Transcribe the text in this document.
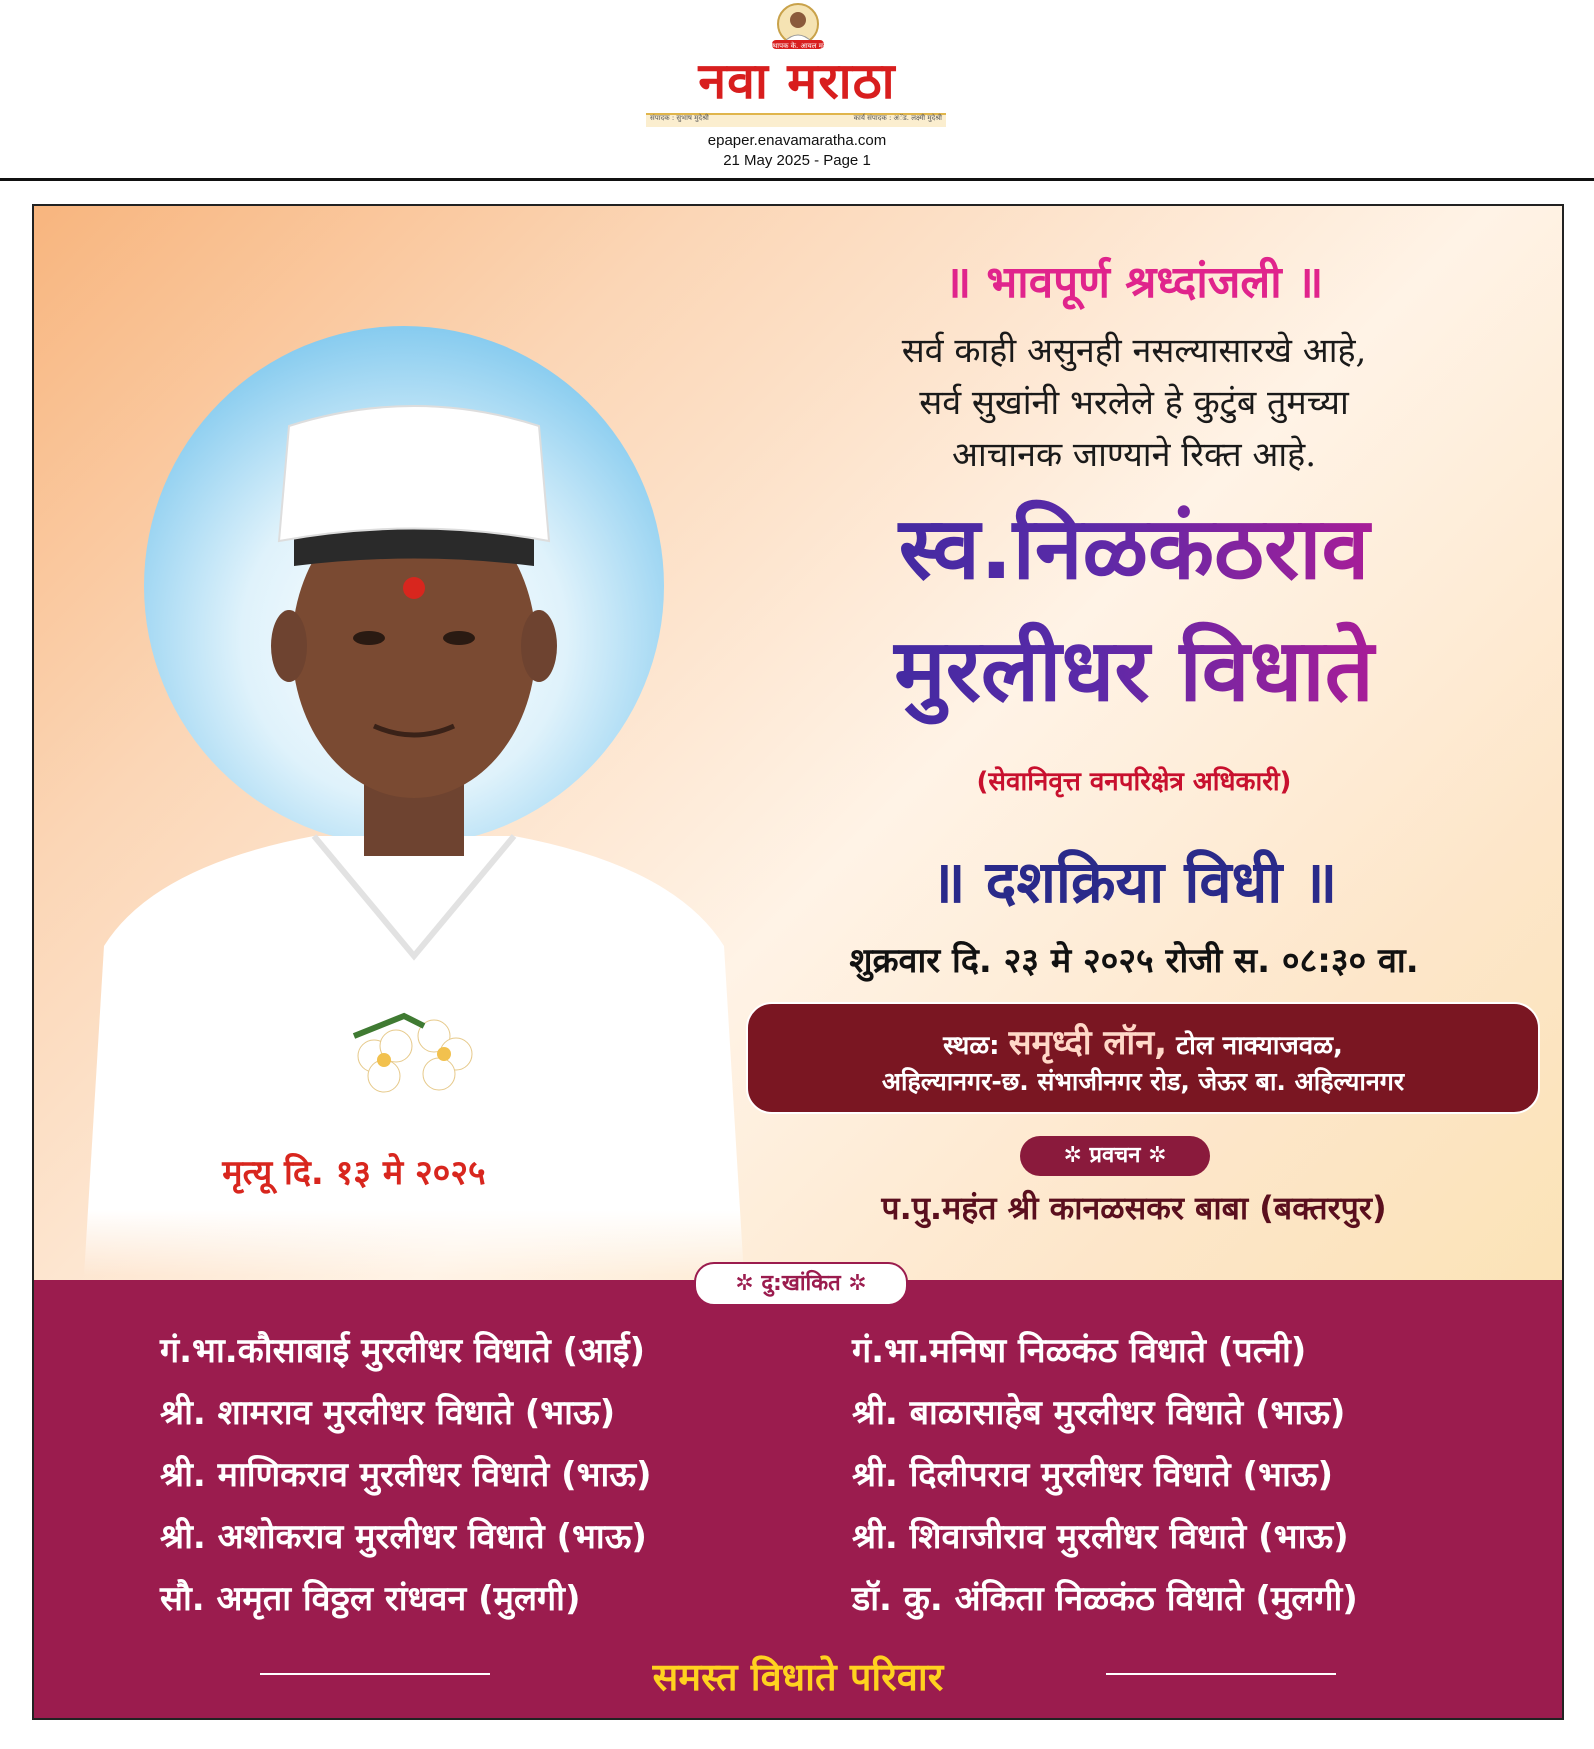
नवा मराठा
संपादक : सुभाष मुदेश्री	कार्य संपादक : अॅड. लक्ष्मी मुदेश्री
संस्थापक के. आयल मुरेश
epaper.enavamaratha.com
21 May 2025 - Page 1
॥ भावपूर्ण श्रध्दांजली ॥
सर्व काही असुनही नसल्यासारखे आहे,
सर्व सुखांनी भरलेले हे कुटुंब तुमच्या
आचानक जाण्याने रिक्त आहे.
स्व.निळकंठराव
मुरलीधर विधाते
(सेवानिवृत्त वनपरिक्षेत्र अधिकारी)
॥ दशक्रिया विधी ॥
शुक्रवार दि. २३ मे २०२५ रोजी स. ०८:३० वा.
स्थळ: समृध्दी लॉन, टोल नाक्याजवळ,
अहिल्यानगर-छ. संभाजीनगर रोड, जेऊर बा. अहिल्यानगर
✲ प्रवचन ✲
प.पु.महंत श्री कानळसकर बाबा (बक्तरपुर)
मृत्यू दि. १३ मे २०२५
✲ दु:खांकित ✲
गं.भा.कौसाबाई मुरलीधर विधाते (आई)
श्री. शामराव मुरलीधर विधाते (भाऊ)
श्री. माणिकराव मुरलीधर विधाते (भाऊ)
श्री. अशोकराव मुरलीधर विधाते (भाऊ)
सौ. अमृता विठ्ठल रांधवन (मुलगी)
गं.भा.मनिषा निळकंठ विधाते (पत्नी)
श्री. बाळासाहेब मुरलीधर विधाते (भाऊ)
श्री. दिलीपराव मुरलीधर विधाते (भाऊ)
श्री. शिवाजीराव मुरलीधर विधाते (भाऊ)
डॉ. कु. अंकिता निळकंठ विधाते (मुलगी)
समस्त विधाते परिवार
